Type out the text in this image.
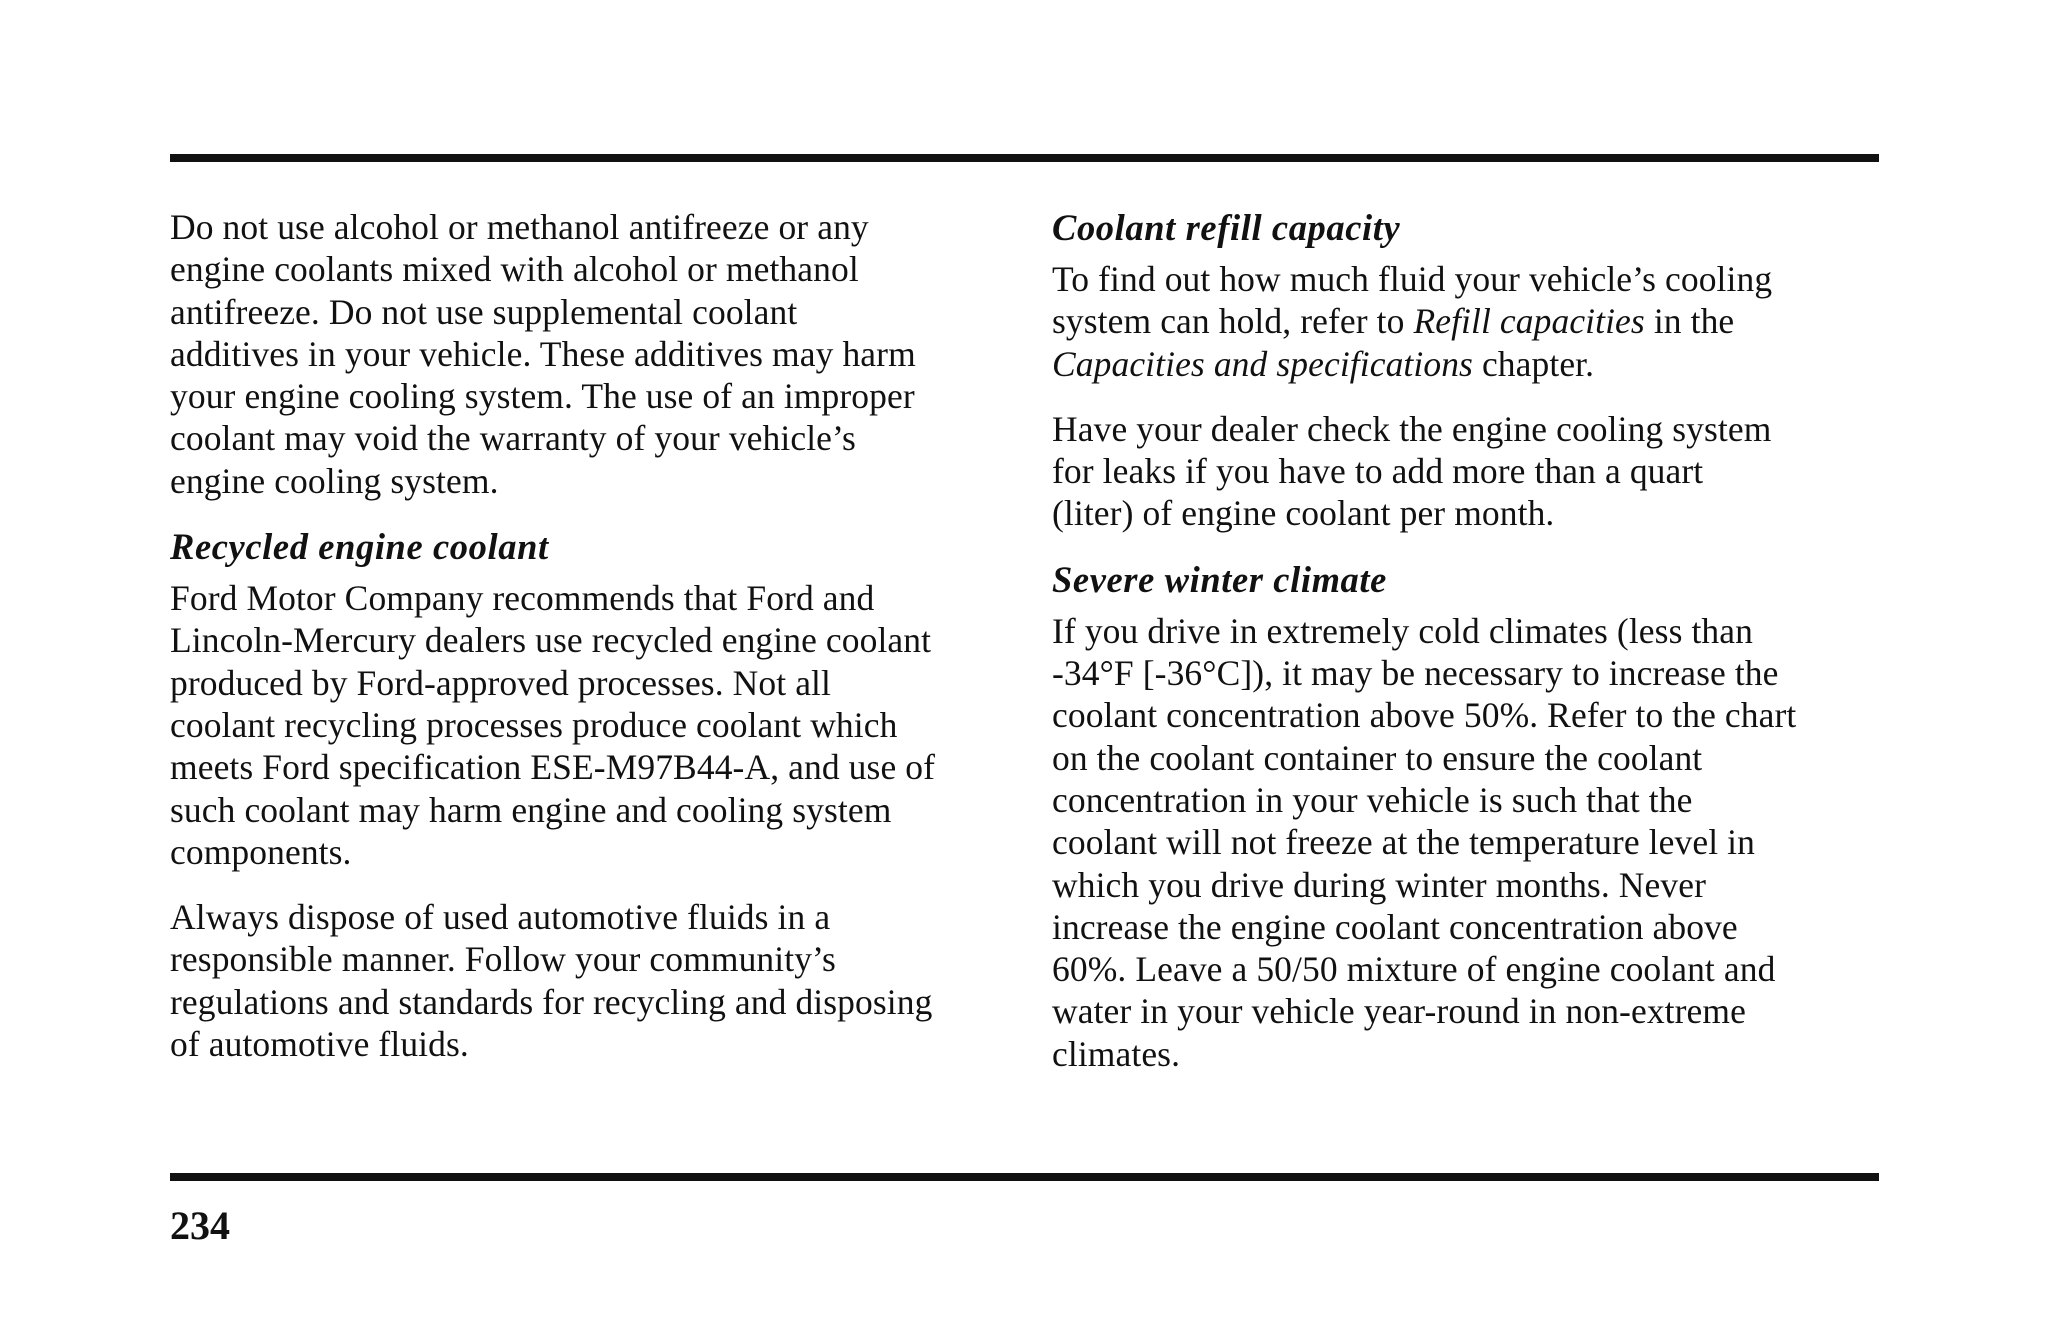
Do not use alcohol or methanol antifreeze or any
engine coolants mixed with alcohol or methanol
antifreeze. Do not use supplemental coolant
additives in your vehicle. These additives may harm
your engine cooling system. The use of an improper
coolant may void the warranty of your vehicle’s
engine cooling system.

Recycled engine coolant

Ford Motor Company recommends that Ford and
Lincoln-Mercury dealers use recycled engine coolant
produced by Ford-approved processes. Not all
coolant recycling processes produce coolant which
meets Ford specification ESE-M97B44-A, and use of
such coolant may harm engine and cooling system
components.

Always dispose of used automotive fluids in a
responsible manner. Follow your community’s
regulations and standards for recycling and disposing
of automotive fluids.

Coolant refill capacity

To find out how much fluid your vehicle’s cooling
system can hold, refer to Refill capacities in the
Capacities and specifications chapter.

Have your dealer check the engine cooling system
for leaks if you have to add more than a quart
(liter) of engine coolant per month.

Severe winter climate

If you drive in extremely cold climates (less than
-34°F [-36°C]), it may be necessary to increase the
coolant concentration above 50%. Refer to the chart
on the coolant container to ensure the coolant
concentration in your vehicle is such that the
coolant will not freeze at the temperature level in
which you drive during winter months. Never
increase the engine coolant concentration above
60%. Leave a 50/50 mixture of engine coolant and
water in your vehicle year-round in non-extreme
climates.

234
